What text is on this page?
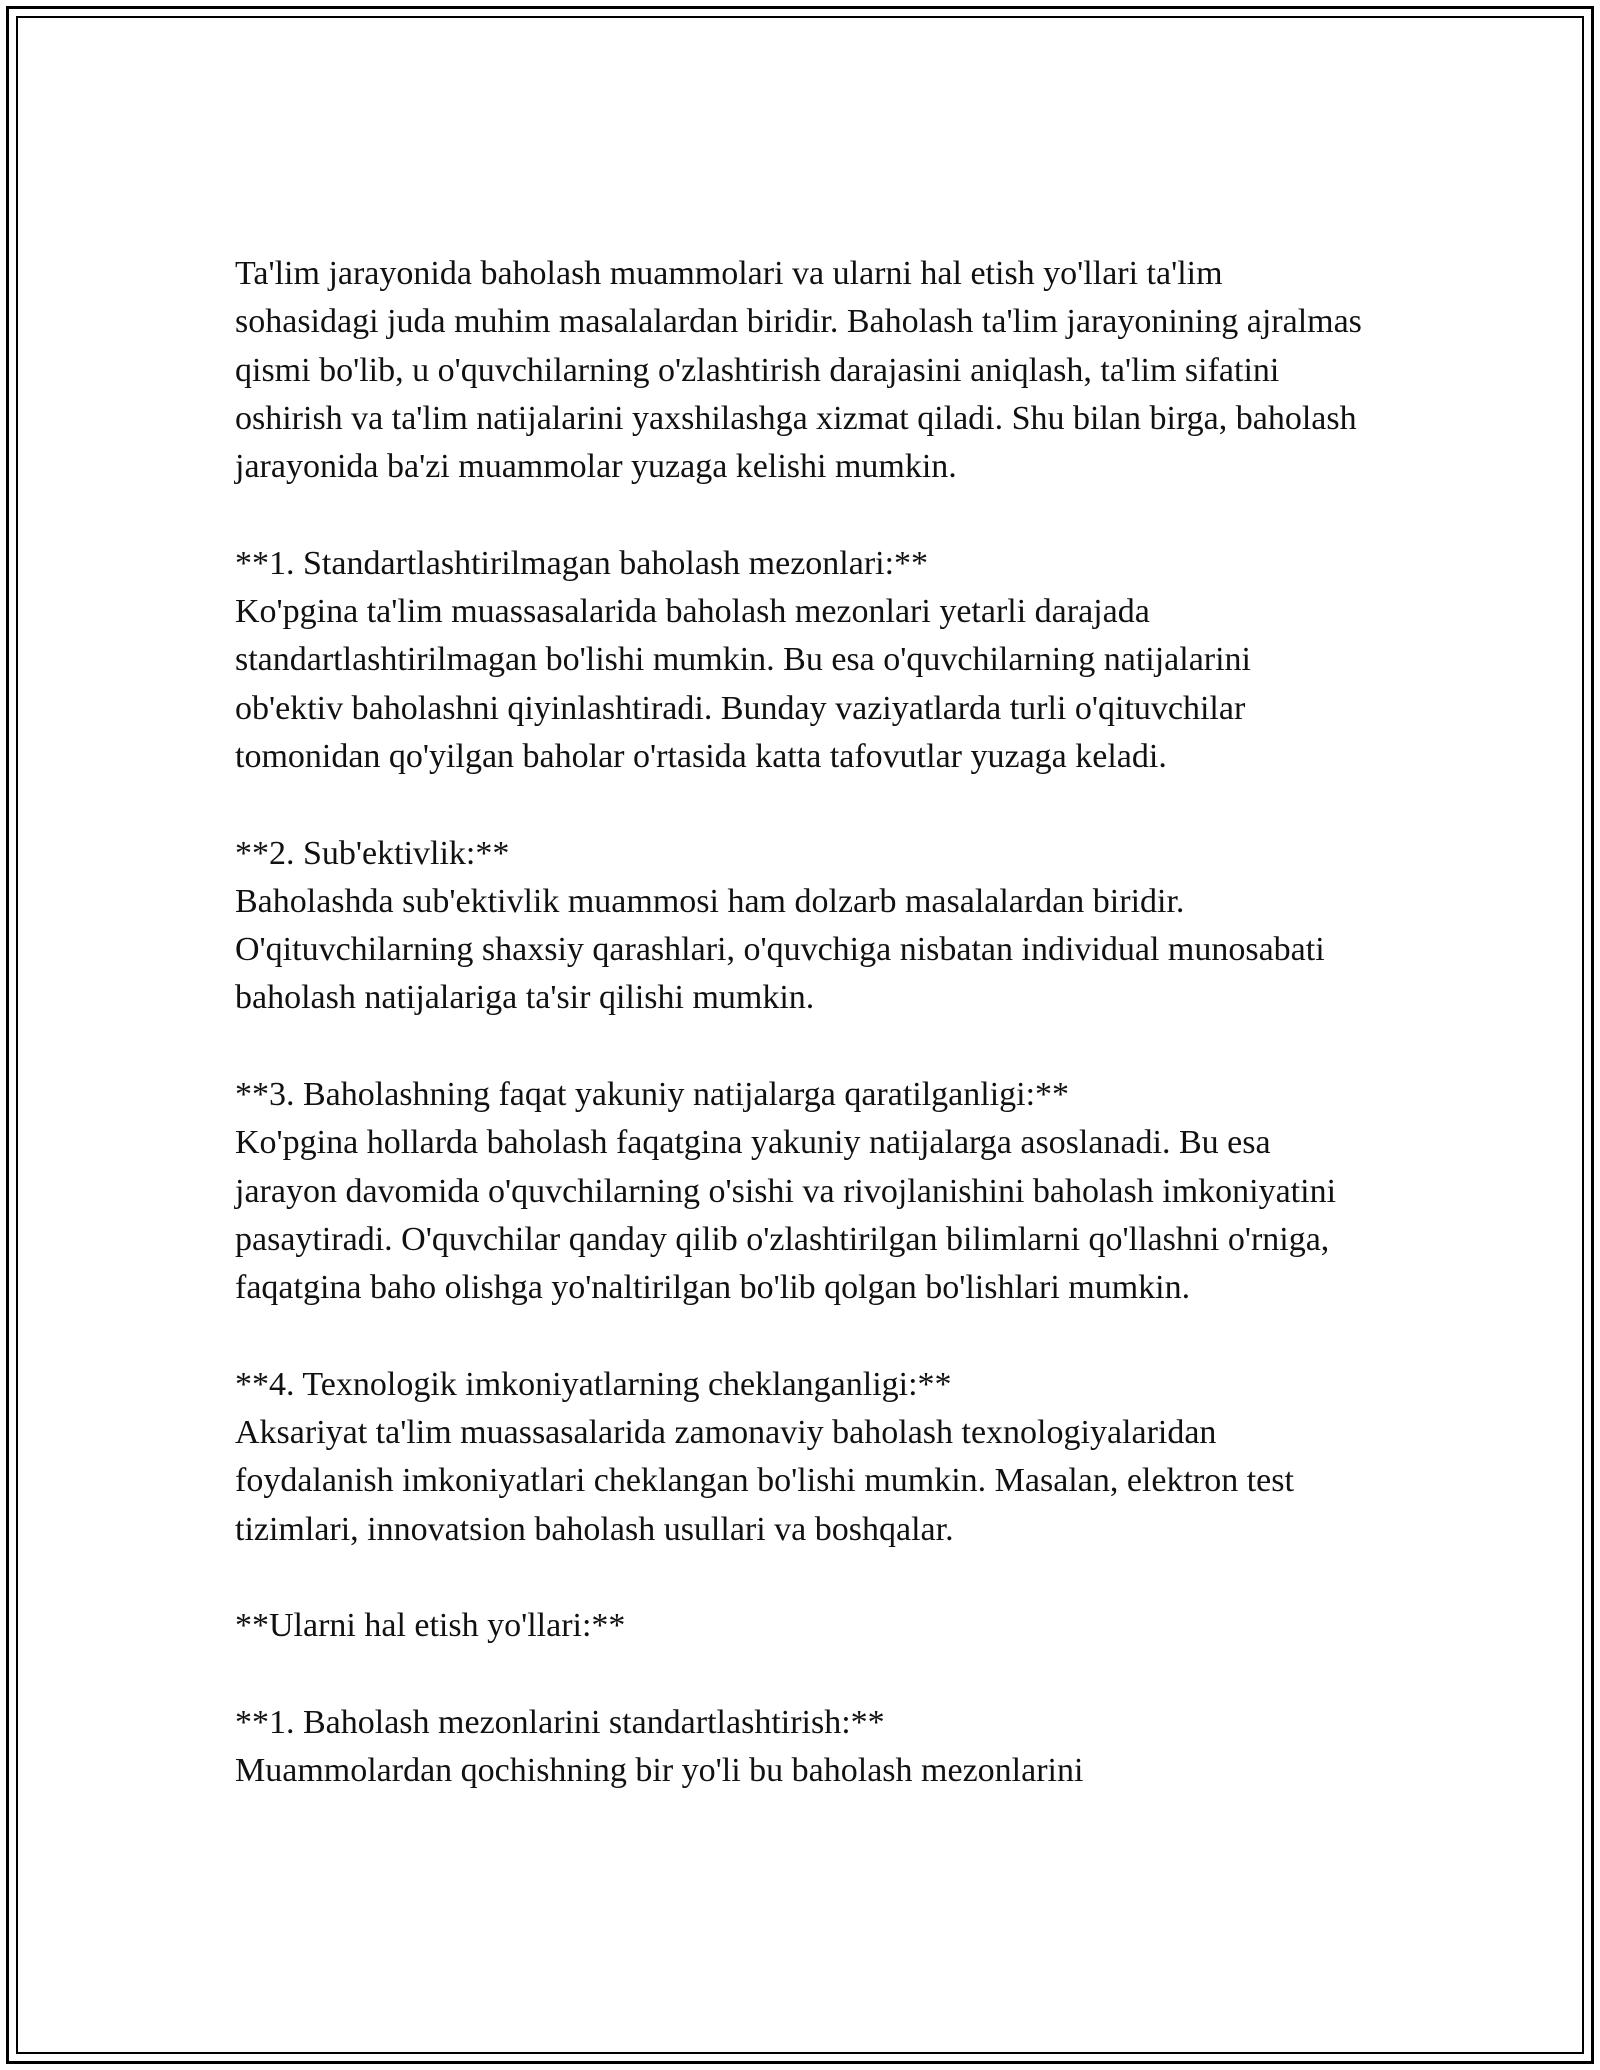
Ta'lim jarayonida baholash muammolari va ularni hal etish yo'llari ta'lim sohasidagi juda muhim masalalardan biridir. Baholash ta'lim jarayonining ajralmas qismi bo'lib, u o'quvchilarning o'zlashtirish darajasini aniqlash, ta'lim sifatini oshirish va ta'lim natijalarini yaxshilashga xizmat qiladi. Shu bilan birga, baholash jarayonida ba'zi muammolar yuzaga kelishi mumkin.

**1. Standartlashtirilmagan baholash mezonlari:**

Ko'pgina ta'lim muassasalarida baholash mezonlari yetarli darajada standartlashtirilmagan bo'lishi mumkin. Bu esa o'quvchilarning natijalarini ob'ektiv baholashni qiyinlashtiradi. Bunday vaziyatlarda turli o'qituvchilar tomonidan qo'yilgan baholar o'rtasida katta tafovutlar yuzaga keladi.

**2. Sub'ektivlik:**

Baholashda sub'ektivlik muammosi ham dolzarb masalalardan biridir. O'qituvchilarning shaxsiy qarashlari, o'quvchiga nisbatan individual munosabati baholash natijalariga ta'sir qilishi mumkin.

**3. Baholashning faqat yakuniy natijalarga qaratilganligi:**

Ko'pgina hollarda baholash faqatgina yakuniy natijalarga asoslanadi. Bu esa jarayon davomida o'quvchilarning o'sishi va rivojlanishini baholash imkoniyatini pasaytiradi. O'quvchilar qanday qilib o'zlashtirilgan bilimlarni qo'llashni o'rniga, faqatgina baho olishga yo'naltirilgan bo'lib qolgan bo'lishlari mumkin.

**4. Texnologik imkoniyatlarning cheklanganligi:**

Aksariyat ta'lim muassasalarida zamonaviy baholash texnologiyalaridan foydalanish imkoniyatlari cheklangan bo'lishi mumkin. Masalan, elektron test tizimlari, innovatsion baholash usullari va boshqalar.

**Ularni hal etish yo'llari:**

**1. Baholash mezonlarini standartlashtirish:**

Muammolardan qochishning bir yo'li bu baholash mezonlarini
